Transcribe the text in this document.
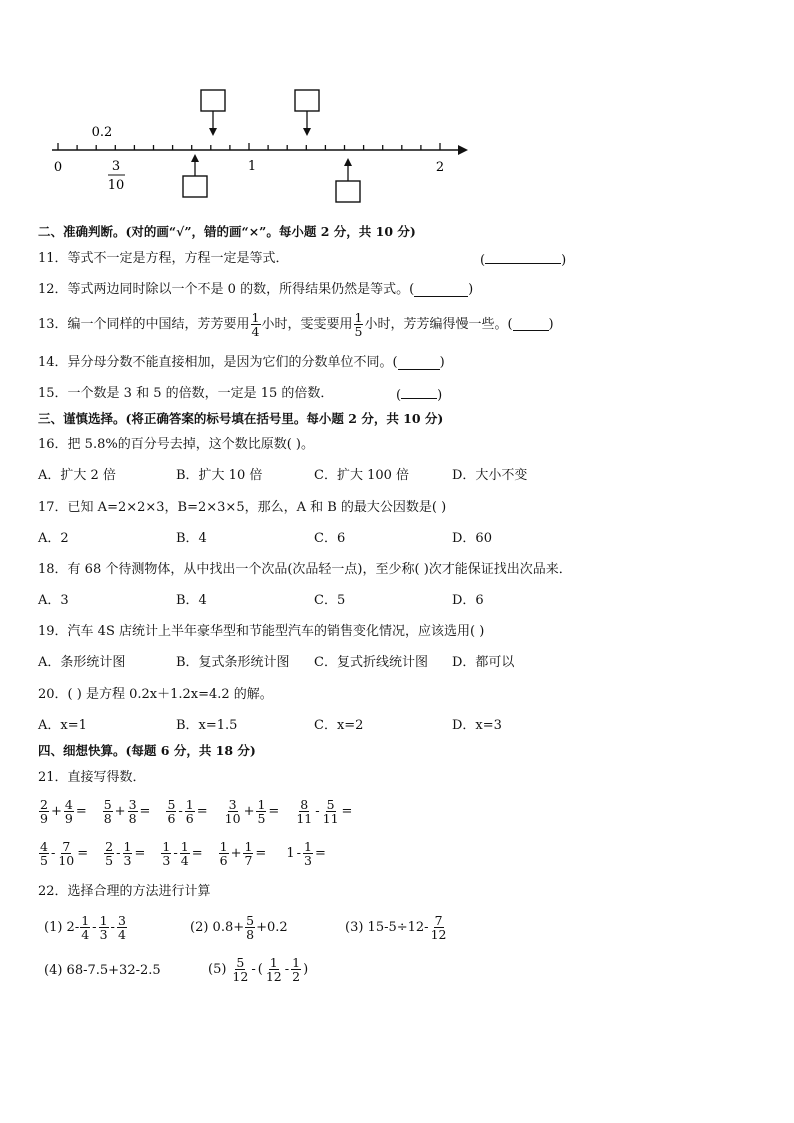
0
0.2
3
10
1	2
二、准确判断。(对的画“√”，错的画“×”。每小题 2 分，共 10 分)
11．等式不一定是方程，方程一定是等式．	(	)
12．等式两边同时除以一个不是 0 的数，所得结果仍然是等式。(	)
13．编一个同样的中国结，芳芳要用 $\frac{1}{4}$ 小时，雯雯要用 $\frac{1}{5}$ 小时，芳芳编得慢一些。(	)
14．异分母分数不能直接相加，是因为它们的分数单位不同。(	)
15．一个数是 3 和 5 的倍数，一定是 15 的倍数．	(	)
三、谨慎选择。(将正确答案的标号填在括号里。每小题 2 分，共 10 分)
16．把 5.8%的百分号去掉，这个数比原数( )。
A．扩大 2 倍	B．扩大 10 倍	C．扩大 100 倍	D．大小不变
17．已知 A=2×2×3，B=2×3×5，那么，A 和 B 的最大公因数是( )
A．2	B．4	C．6	D．60
18．有 68 个待测物体，从中找出一个次品(次品轻一点)，至少称( )次才能保证找出次品来．
A．3	B．4	C．5	D．6
19．汽车 4S 店统计上半年豪华型和节能型汽车的销售变化情况，应该选用( )
A．条形统计图	B．复式条形统计图 C．复式折线统计图 D．都可以
20．( ) 是方程 0.2x＋1.2x=4.2 的解。
A．x=1	B．x=1.5	C．x=2	D．x=3
四、细想快算。(每题 6 分，共 18 分)
21．直接写得数．
$\frac{2}{9} + \frac{4}{9} = \frac{5}{8} + \frac{3}{8} = \frac{5}{6} - \frac{1}{6} = \frac{3}{10} + \frac{1}{5} = \frac{8}{11} - \frac{5}{11}$ =
$\frac{4}{5} - \frac{7}{10} = \frac{2}{5} - \frac{1}{3} = \frac{1}{3} - \frac{1}{4} = \frac{1}{6} + \frac{1}{7} = 1 - \frac{1}{3}$ =
22．选择合理的方法进行计算
(1) $2- \frac{1}{4} - \frac{1}{3} - \frac{3}{4}$	(2) $0.8+ \frac{5}{8} +0.2$	(3) $15-5\div 12- \frac{7}{12}$
(4) 68-7.5+32-2.5	$(5) \frac{5}{12}$ - ( $\frac{1}{12} - \frac{1}{2}$ )
